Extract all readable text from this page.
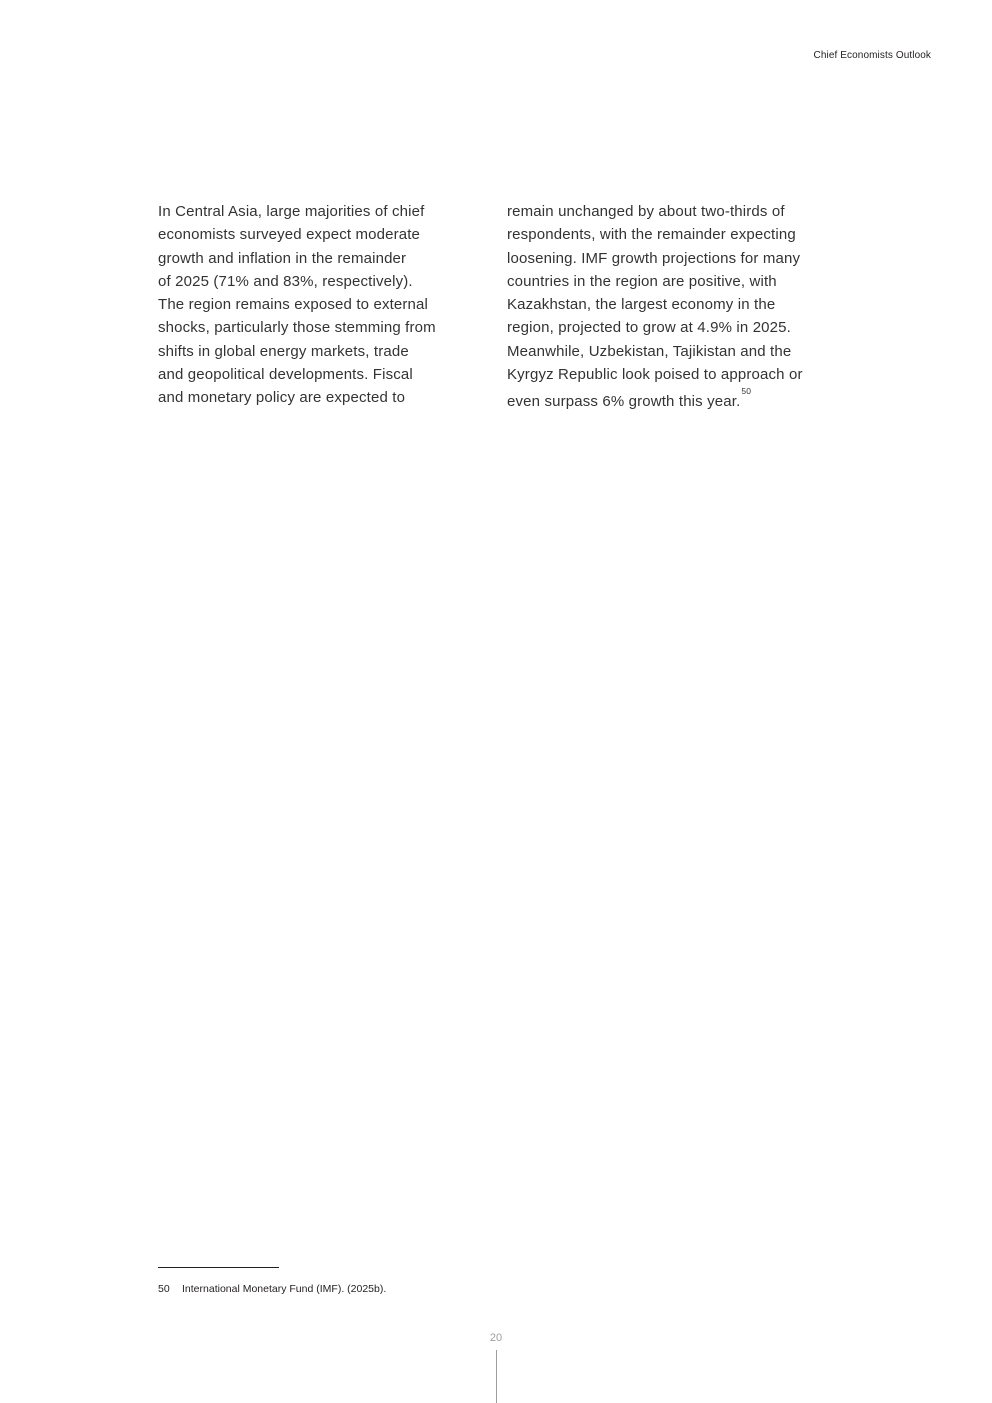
Chief Economists Outlook
In Central Asia, large majorities of chief
economists surveyed expect moderate
growth and inflation in the remainder
of 2025 (71% and 83%, respectively).
The region remains exposed to external
shocks, particularly those stemming from
shifts in global energy markets, trade
and geopolitical developments. Fiscal
and monetary policy are expected to
remain unchanged by about two-thirds of
respondents, with the remainder expecting
loosening. IMF growth projections for many
countries in the region are positive, with
Kazakhstan, the largest economy in the
region, projected to grow at 4.9% in 2025.
Meanwhile, Uzbekistan, Tajikistan and the
Kyrgyz Republic look poised to approach or
even surpass 6% growth this year.$^{50}$
50 International Monetary Fund (IMF). (2025b).
20
